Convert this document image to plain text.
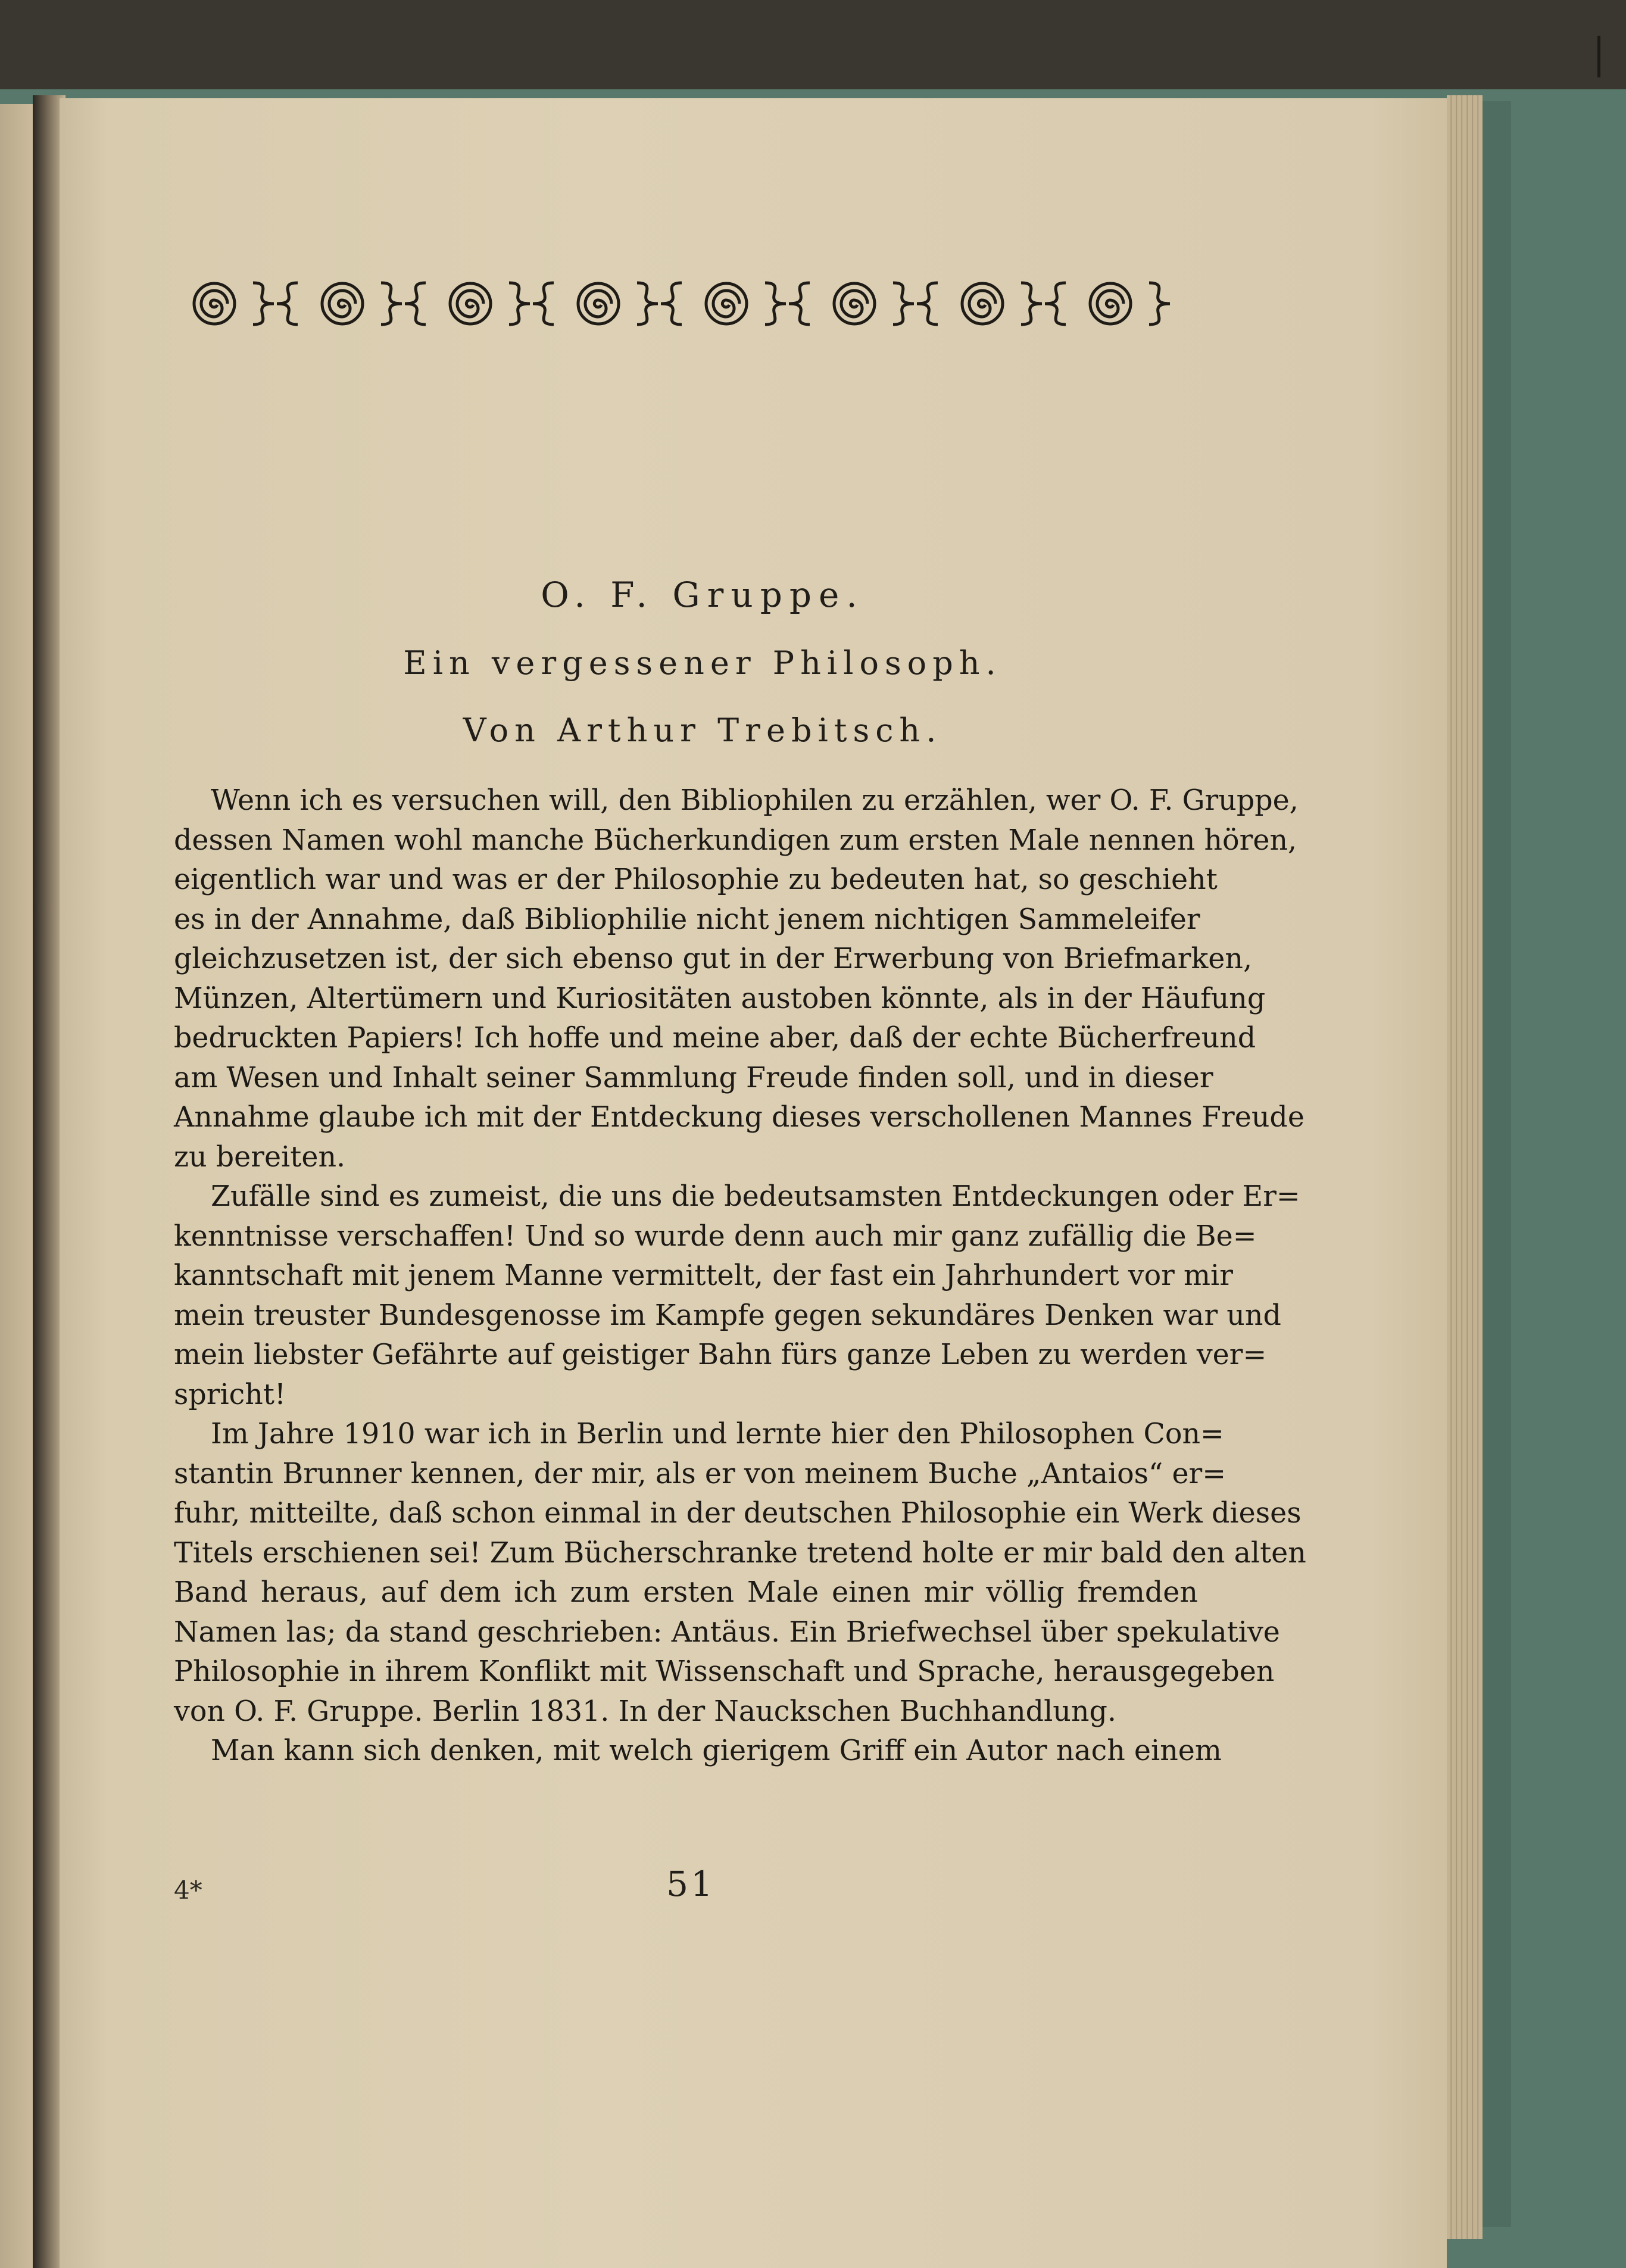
O. F. Gruppe.
Ein vergessener Philosoph.
Von Arthur Trebitsch.
Wenn ich es versuchen will, den Bibliophilen zu erzählen, wer O. F. Gruppe,
dessen Namen wohl manche Bücherkundigen zum ersten Male nennen hören,
eigentlich war und was er der Philosophie zu bedeuten hat, so geschieht
es in der Annahme, daß Bibliophilie nicht jenem nichtigen Sammeleifer
gleichzusetzen ist, der sich ebenso gut in der Erwerbung von Briefmarken,
Münzen, Altertümern und Kuriositäten austoben könnte, als in der Häufung
bedruckten Papiers! Ich hoffe und meine aber, daß der echte Bücherfreund
am Wesen und Inhalt seiner Sammlung Freude finden soll, und in dieser
Annahme glaube ich mit der Entdeckung dieses verschollenen Mannes Freude
zu bereiten.
Zufälle sind es zumeist, die uns die bedeutsamsten Entdeckungen oder Er=
kenntnisse verschaffen! Und so wurde denn auch mir ganz zufällig die Be=
kanntschaft mit jenem Manne vermittelt, der fast ein Jahrhundert vor mir
mein treuster Bundesgenosse im Kampfe gegen sekundäres Denken war und
mein liebster Gefährte auf geistiger Bahn fürs ganze Leben zu werden ver=
spricht!
Im Jahre 1910 war ich in Berlin und lernte hier den Philosophen Con=
stantin Brunner kennen, der mir, als er von meinem Buche „Antaios“ er=
fuhr, mitteilte, daß schon einmal in der deutschen Philosophie ein Werk dieses
Titels erschienen sei! Zum Bücherschranke tretend holte er mir bald den alten
Band heraus, auf dem ich zum ersten Male einen mir völlig fremden
Namen las; da stand geschrieben: Antäus. Ein Briefwechsel über spekulative
Philosophie in ihrem Konflikt mit Wissenschaft und Sprache, herausgegeben
von O. F. Gruppe. Berlin 1831. In der Nauckschen Buchhandlung.
Man kann sich denken, mit welch gierigem Griff ein Autor nach einem
4*	51
